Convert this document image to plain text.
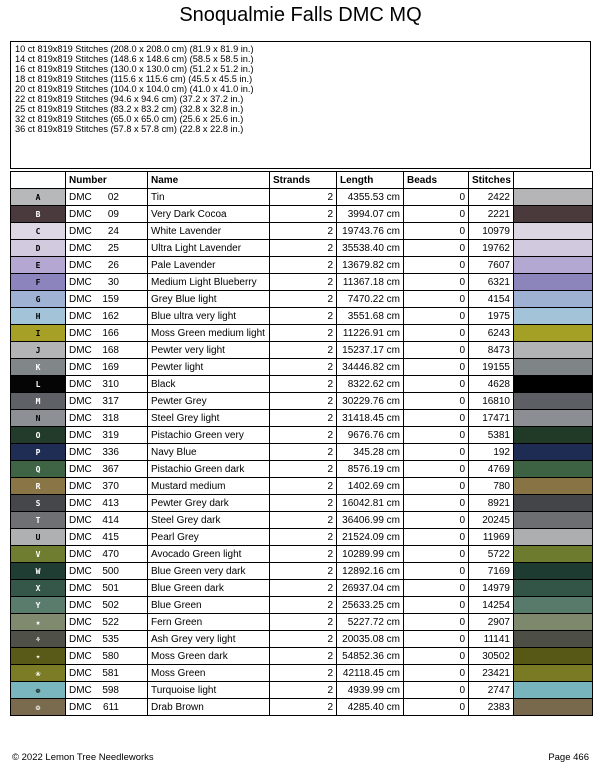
Snoqualmie Falls DMC MQ
10 ct 819x819 Stitches (208.0 x 208.0 cm) (81.9 x 81.9 in.)
14 ct 819x819 Stitches (148.6 x 148.6 cm) (58.5 x 58.5 in.)
16 ct 819x819 Stitches (130.0 x 130.0 cm) (51.2 x 51.2 in.)
18 ct 819x819 Stitches (115.6 x 115.6 cm) (45.5 x 45.5 in.)
20 ct 819x819 Stitches (104.0 x 104.0 cm) (41.0 x 41.0 in.)
22 ct 819x819 Stitches (94.6 x 94.6 cm) (37.2 x 37.2 in.)
25 ct 819x819 Stitches (83.2 x 83.2 cm) (32.8 x 32.8 in.)
32 ct 819x819 Stitches (65.0 x 65.0 cm) (25.6 x 25.6 in.)
36 ct 819x819 Stitches (57.8 x 57.8 cm) (22.8 x 22.8 in.)
	Number	Name	Strands	Length	Beads	Stitches	
A	DMC 02	Tin	2	4355.53 cm	0	2422	
B	DMC 09	Very Dark Cocoa	2	3994.07 cm	0	2221	
C	DMC 24	White Lavender	2	19743.76 cm	0	10979	
D	DMC 25	Ultra Light Lavender	2	35538.40 cm	0	19762	
E	DMC 26	Pale Lavender	2	13679.82 cm	0	7607	
F	DMC 30	Medium Light Blueberry	2	11367.18 cm	0	6321	
G	DMC 159	Grey Blue light	2	7470.22 cm	0	4154	
H	DMC 162	Blue ultra very light	2	3551.68 cm	0	1975	
I	DMC 166	Moss Green medium light	2	11226.91 cm	0	6243	
J	DMC 168	Pewter very light	2	15237.17 cm	0	8473	
K	DMC 169	Pewter light	2	34446.82 cm	0	19155	
L	DMC 310	Black	2	8322.62 cm	0	4628	
M	DMC 317	Pewter Grey	2	30229.76 cm	0	16810	
N	DMC 318	Steel Grey light	2	31418.45 cm	0	17471	
O	DMC 319	Pistachio Green very	2	9676.76 cm	0	5381	
P	DMC 336	Navy Blue	2	345.28 cm	0	192	
Q	DMC 367	Pistachio Green dark	2	8576.19 cm	0	4769	
R	DMC 370	Mustard medium	2	1402.69 cm	0	780	
S	DMC 413	Pewter Grey dark	2	16042.81 cm	0	8921	
T	DMC 414	Steel Grey dark	2	36406.99 cm	0	20245	
U	DMC 415	Pearl Grey	2	21524.09 cm	0	11969	
V	DMC 470	Avocado Green light	2	10289.99 cm	0	5722	
W	DMC 500	Blue Green very dark	2	12892.16 cm	0	7169	
X	DMC 501	Blue Green dark	2	26937.04 cm	0	14979	
Y	DMC 502	Blue Green	2	25633.25 cm	0	14254	
★	DMC 522	Fern Green	2	5227.72 cm	0	2907	
⚘	DMC 535	Ash Grey very light	2	20035.08 cm	0	11141	
✦	DMC 580	Moss Green dark	2	54852.36 cm	0	30502	
❀	DMC 581	Moss Green	2	42118.45 cm	0	23421	
❁	DMC 598	Turquoise light	2	4939.99 cm	0	2747	
❂	DMC 611	Drab Brown	2	4285.40 cm	0	2383	
© 2022 Lemon Tree Needleworks	Page 466
